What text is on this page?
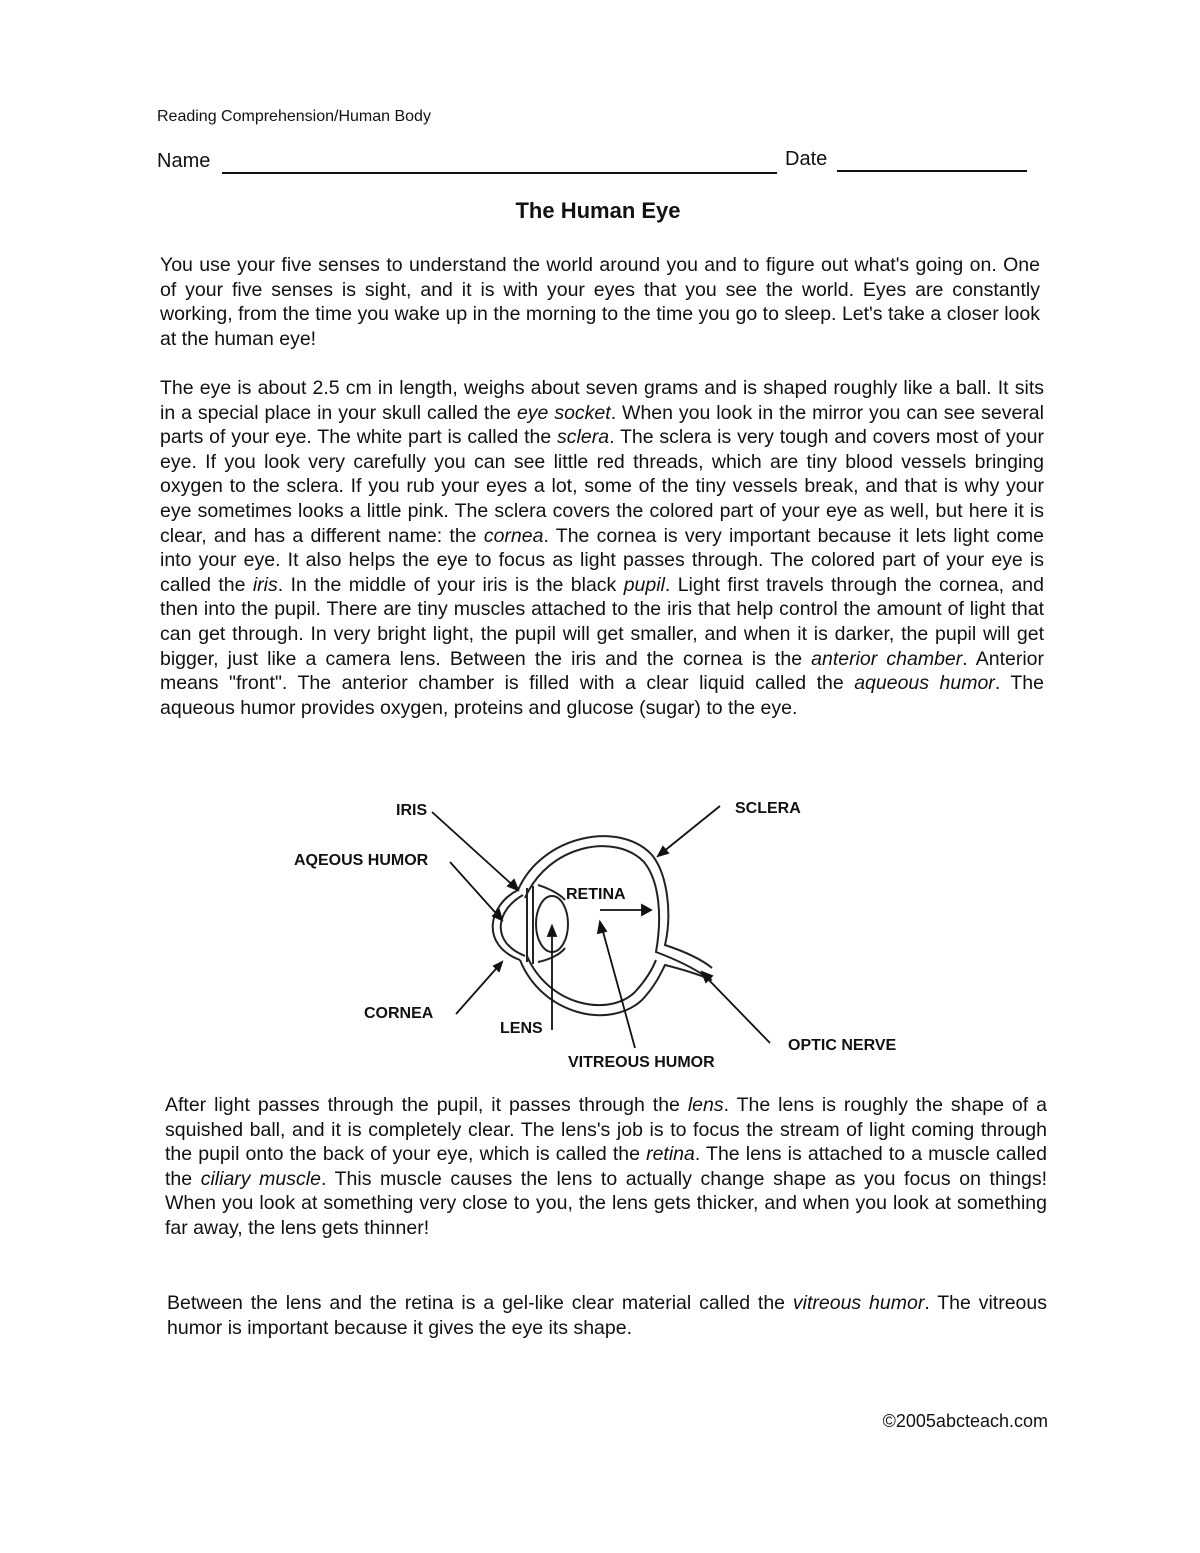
Reading Comprehension/Human Body
Name	Date
The Human Eye
You use your five senses to understand the world around you and to figure out what's going on. One of your five senses is sight, and it is with your eyes that you see the world. Eyes are constantly working, from the time you wake up in the morning to the time you go to sleep. Let's take a closer look at the human eye!
The eye is about 2.5 cm in length, weighs about seven grams and is shaped roughly like a ball. It sits in a special place in your skull called the eye socket. When you look in the mirror you can see several parts of your eye. The white part is called the sclera. The sclera is very tough and covers most of your eye. If you look very carefully you can see little red threads, which are tiny blood vessels bringing oxygen to the sclera. If you rub your eyes a lot, some of the tiny vessels break, and that is why your eye sometimes looks a little pink. The sclera covers the colored part of your eye as well, but here it is clear, and has a different name: the cornea. The cornea is very important because it lets light come into your eye. It also helps the eye to focus as light passes through. The colored part of your eye is called the iris. In the middle of your iris is the black pupil. Light first travels through the cornea, and then into the pupil. There are tiny muscles attached to the iris that help control the amount of light that can get through. In very bright light, the pupil will get smaller, and when it is darker, the pupil will get bigger, just like a camera lens. Between the iris and the cornea is the anterior chamber. Anterior means "front". The anterior chamber is filled with a clear liquid called the aqueous humor. The aqueous humor provides oxygen, proteins and glucose (sugar) to the eye.
IRIS
AQEOUS HUMOR
SCLERA
RETINA
CORNEA
LENS
VITREOUS HUMOR
OPTIC NERVE
After light passes through the pupil, it passes through the lens. The lens is roughly the shape of a squished ball, and it is completely clear. The lens's job is to focus the stream of light coming through the pupil onto the back of your eye, which is called the retina. The lens is attached to a muscle called the ciliary muscle. This muscle causes the lens to actually change shape as you focus on things! When you look at something very close to you, the lens gets thicker, and when you look at something far away, the lens gets thinner!
Between the lens and the retina is a gel-like clear material called the vitreous humor. The vitreous humor is important because it gives the eye its shape.
©2005abcteach.com
